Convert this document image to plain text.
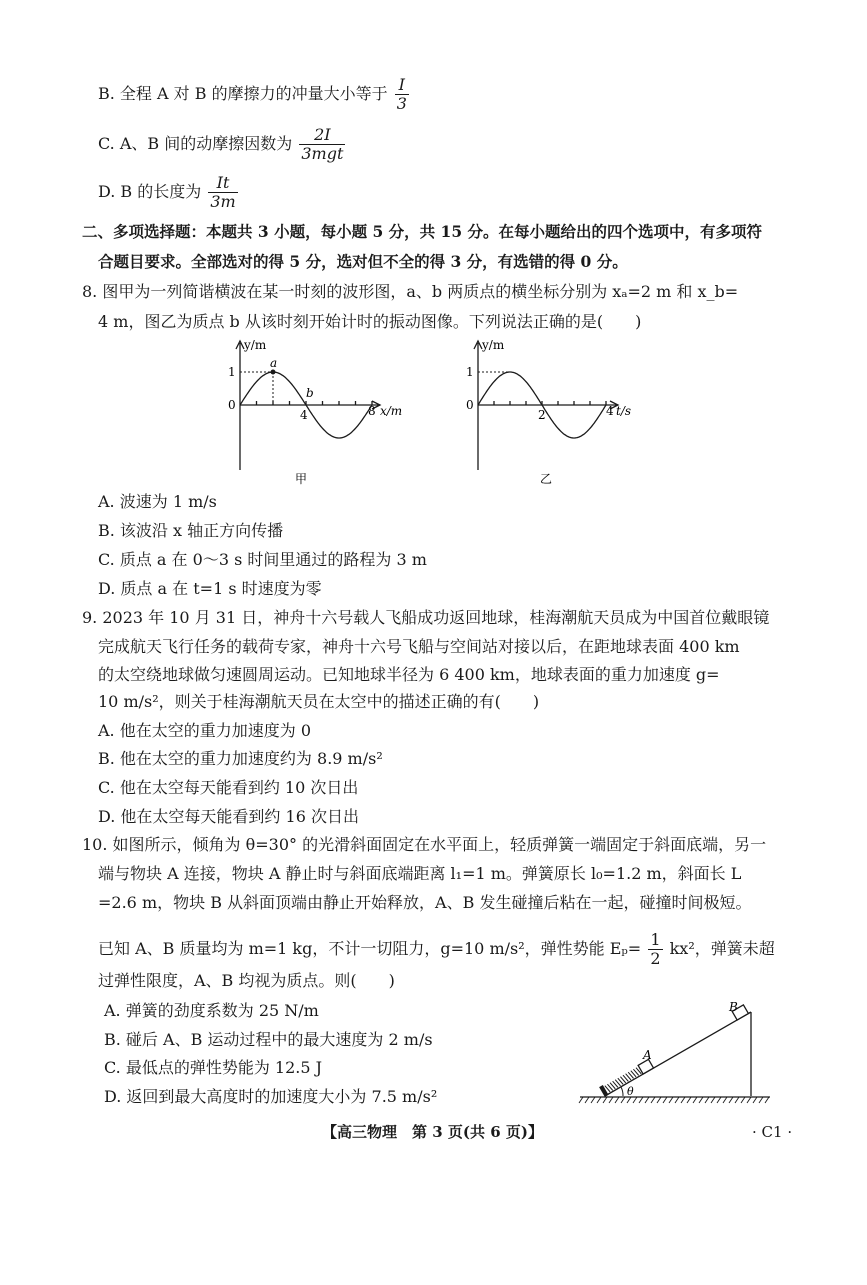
B. 全程 A 对 B 的摩擦力的冲量大小等于 $\frac{I}{3}$
C. A、B 间的动摩擦因数为 $\frac{2I}{\text{3mgt}}$
D. B 的长度为 $\frac{It}{3m}$
二、多项选择题：本题共 3 小题，每小题 5 分，共 15 分。在每小题给出的四个选项中，有多项符
合题目要求。全部选对的得 5 分，选对但不全的得 3 分，有选错的得 0 分。
8. 图甲为一列简谐横波在某一时刻的波形图，a、b 两质点的横坐标分别为 xₐ=2 m 和 x_b=
4 m，图乙为质点 b 从该时刻开始计时的振动图像。下列说法正确的是(　　)
y/m
1
0
4	8 x/m
a
b
甲
y/m
1
0
2	4 t/s
乙
A. 波速为 1 m/s
B. 该波沿 x 轴正方向传播
C. 质点 a 在 0～3 s 时间里通过的路程为 3 m
D. 质点 a 在 t=1 s 时速度为零
9. 2023 年 10 月 31 日，神舟十六号载人飞船成功返回地球，桂海潮航天员成为中国首位戴眼镜
完成航天飞行任务的载荷专家，神舟十六号飞船与空间站对接以后，在距地球表面 400 km
的太空绕地球做匀速圆周运动。已知地球半径为 6 400 km，地球表面的重力加速度 g=
10 m/s²，则关于桂海潮航天员在太空中的描述正确的有(　　)
A. 他在太空的重力加速度为 0
B. 他在太空的重力加速度约为 8.9 m/s²
C. 他在太空每天能看到约 10 次日出
D. 他在太空每天能看到约 16 次日出
10. 如图所示，倾角为 θ=30° 的光滑斜面固定在水平面上，轻质弹簧一端固定于斜面底端，另一
端与物块 A 连接，物块 A 静止时与斜面底端距离 l₁=1 m。弹簧原长 l₀=1.2 m，斜面长 L
=2.6 m，物块 B 从斜面顶端由静止开始释放，A、B 发生碰撞后粘在一起，碰撞时间极短。
已知 A、B 质量均为 m=1 kg，不计一切阻力，g=10 m/s²，弹性势能 $E_p= \frac{1}{2} kx^2$，弹簧未超
过弹性限度，A、B 均视为质点。则(　　)
A. 弹簧的劲度系数为 25 N/m
B. 碰后 A、B 运动过程中的最大速度为 2 m/s
C. 最低点的弹性势能为 12.5 J
D. 返回到最大高度时的加速度大小为 7.5 m/s²
A
B
θ
【高三物理　第 3 页(共 6 页)】	· C1 ·
